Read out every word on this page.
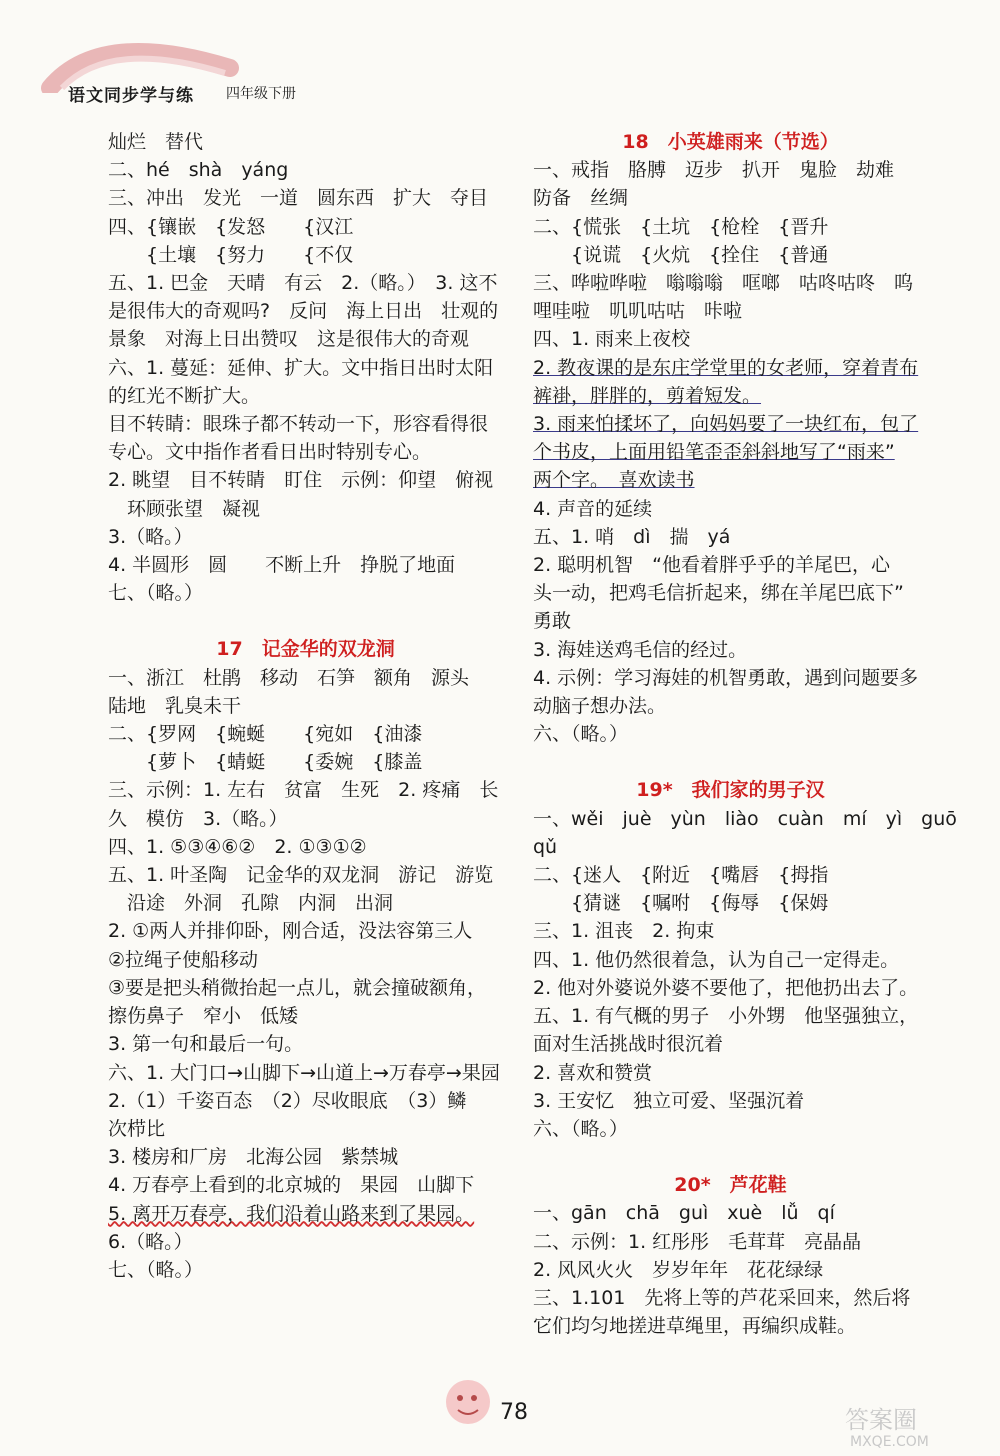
语文同步学与练 四年级下册
灿烂　替代
二、hé　shà　yáng
三、冲出　发光　一道　圆东西　扩大　夺目
四、{镶嵌　{发怒　　{汉江
　　{土壤　{努力　　{不仅
五、1. 巴金　天晴　有云　2.（略。）　3. 这不
是很伟大的奇观吗?　反问　海上日出　壮观的
景象　对海上日出赞叹　这是很伟大的奇观
六、1. 蔓延：延伸、扩大。文中指日出时太阳
的红光不断扩大。
目不转睛：眼珠子都不转动一下，形容看得很
专心。文中指作者看日出时特别专心。
2. 眺望　目不转睛　盯住　示例：仰望　俯视
　环顾张望　凝视
3.（略。）
4. 半圆形　圆　　不断上升　挣脱了地面
七、（略。）
17　记金华的双龙洞
一、浙江　杜鹃　移动　石笋　额角　源头
陆地　乳臭未干
二、{罗网　{蜿蜒　　{宛如　{油漆
　　{萝卜　{蜻蜓　　{委婉　{膝盖
三、示例：1. 左右　贫富　生死　2. 疼痛　长
久　模仿　3.（略。）
四、1. ⑤③④⑥②　2. ①③①②
五、1. 叶圣陶　记金华的双龙洞　游记　游览
　沿途　外洞　孔隙　内洞　出洞
2. ①两人并排仰卧，刚合适，没法容第三人
②拉绳子使船移动
③要是把头稍微抬起一点儿，就会撞破额角，
擦伤鼻子　窄小　低矮
3. 第一句和最后一句。
六、1. 大门口→山脚下→山道上→万春亭→果园
2.（1）千姿百态　（2）尽收眼底　（3）鳞
次栉比
3. 楼房和厂房　北海公园　紫禁城
4. 万春亭上看到的北京城的　果园　山脚下
5. 离开万春亭，我们沿着山路来到了果园。
6.（略。）
七、（略。）
18　小英雄雨来（节选）
一、戒指　胳膊　迈步　扒开　鬼脸　劫难
防备　丝绸
二、{慌张　{土坑　{枪栓　{晋升
　　{说谎　{火炕　{拴住　{普通
三、哗啦哗啦　嗡嗡嗡　哐啷　咕咚咕咚　呜
哩哇啦　叽叽咕咕　咔啦
四、1. 雨来上夜校
2. 教夜课的是东庄学堂里的女老师，穿着青布
裤褂，胖胖的，剪着短发。
3. 雨来怕揉坏了，向妈妈要了一块红布，包了
个书皮，上面用铅笔歪歪斜斜地写了“雨来”
两个字。　喜欢读书
4. 声音的延续
五、1. 哨　dì　揣　yá
2. 聪明机智　“他看着胖乎乎的羊尾巴，心
头一动，把鸡毛信折起来，绑在羊尾巴底下”
勇敢
3. 海娃送鸡毛信的经过。
4. 示例：学习海娃的机智勇敢，遇到问题要多
动脑子想办法。
六、（略。）
19*　我们家的男子汉
一、wěi　juè　yùn　liào　cuàn　mí　yì　guō
qǔ
二、{迷人　{附近　{嘴唇　{拇指
　　{猜谜　{嘱咐　{侮辱　{保姆
三、1. 沮丧　2. 拘束
四、1. 他仍然很着急，认为自己一定得走。
2. 他对外婆说外婆不要他了，把他扔出去了。
五、1. 有气概的男子　小外甥　他坚强独立，
面对生活挑战时很沉着
2. 喜欢和赞赏
3. 王安忆　独立可爱、坚强沉着
六、（略。）
20*　芦花鞋
一、gān　chā　guì　xuè　lǚ　qí
二、示例：1. 红彤彤　毛茸茸　亮晶晶
2. 风风火火　岁岁年年　花花绿绿
三、1.101　先将上等的芦花采回来，然后将
它们均匀地搓进草绳里，再编织成鞋。
78	答案圈
MXQE.COM
